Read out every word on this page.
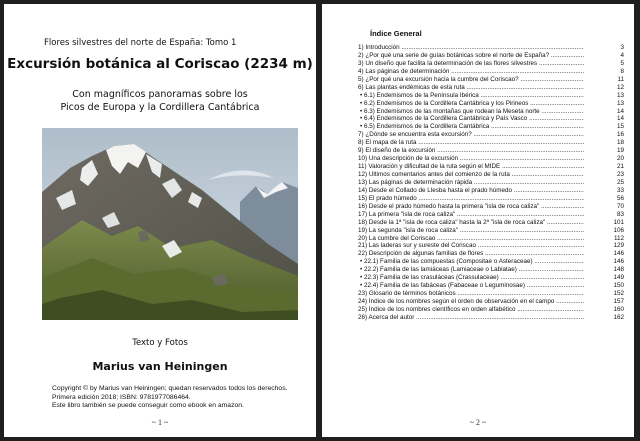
Flores silvestres del norte de España: Tomo 1
Excursión botánica al Coriscao (2234 m)
Con magníficos panoramas sobre los
Picos de Europa y la Cordillera Cantábrica
Texto y Fotos
Marius van Heiningen
Copyright © by Marius van Heiningen; quedan reservados todos los derechos.
Primera edición 2018; ISBN: 9781977086464.
Este libro también se puede conseguir como ebook en amazon.
~ 1 ~
Índice General
1) Introducción .....	3
2) ¿Por qué una serie de guías botánicas sobre el norte de España? .....	4
3) Un diseño que facilita la determinación de las flores silvestres .....	5
4) Las páginas de determinación .....	8
5) ¿Por qué una excursión hacia la cumbre del Coriscao? .....	11
6) Las plantas endémicas de esta ruta .....	12
• 6.1) Endemismos de la Península Ibérica .....	13
• 6.2) Endemismos de la Cordillera Cantábrica y los Pirineos .....	13
• 6.3) Endemismos de las montañas que rodean la Meseta norte .....	14
• 6.4) Endemismos de la Cordillera Cantábrica y País Vasco .....	14
• 6.5) Endemismos de la Cordillera Cantábrica .....	15
7) ¿Dónde se encuentra esta excursión? .....	16
8) El mapa de la ruta .....	18
9) El diseño de la excursión .....	19
10) Una descripción de la excursión .....	20
11) Valoración y dificultad de la ruta según el MIDE .....	21
12) Últimos comentarios antes del comienzo de la ruta .....	23
13) Las páginas de determinación rápida .....	25
14) Desde el Collado de Llesba hasta el prado húmedo .....	33
15) El prado húmedo .....	56
16) Desde el prado húmedo hasta la primera "isla de roca caliza" .....	70
17) La primera "isla de roca caliza" .....	83
18) Desde la 1ª "isla de roca caliza" hasta la 2ª "isla de roca caliza" .....	101
19) La segunda "isla de roca caliza" .....	106
20) La cumbre del Coriscao .....	112
21) Las laderas sur y sureste del Coriscao .....	129
22) Descripción de algunas familias de flores .....	146
• 22.1) Familia de las compuestas (Compositae o Asteraceae) .....	146
• 22.2) Familia de las lamiáceas (Lamiaceae o Labiatae) .....	148
• 22.3) Familia de las crasuláceas (Crassulaceae) .....	149
• 22.4) Familia de las fabáceas (Fabaceae o Leguminosae) .....	150
23) Glosario de términos botánicos .....	152
24) Índice de los nombres según el orden de observación en el campo .....	157
25) Índice de los nombres científicos en orden alfabético .....	160
26) Acerca del autor .....	162
~ 2 ~
